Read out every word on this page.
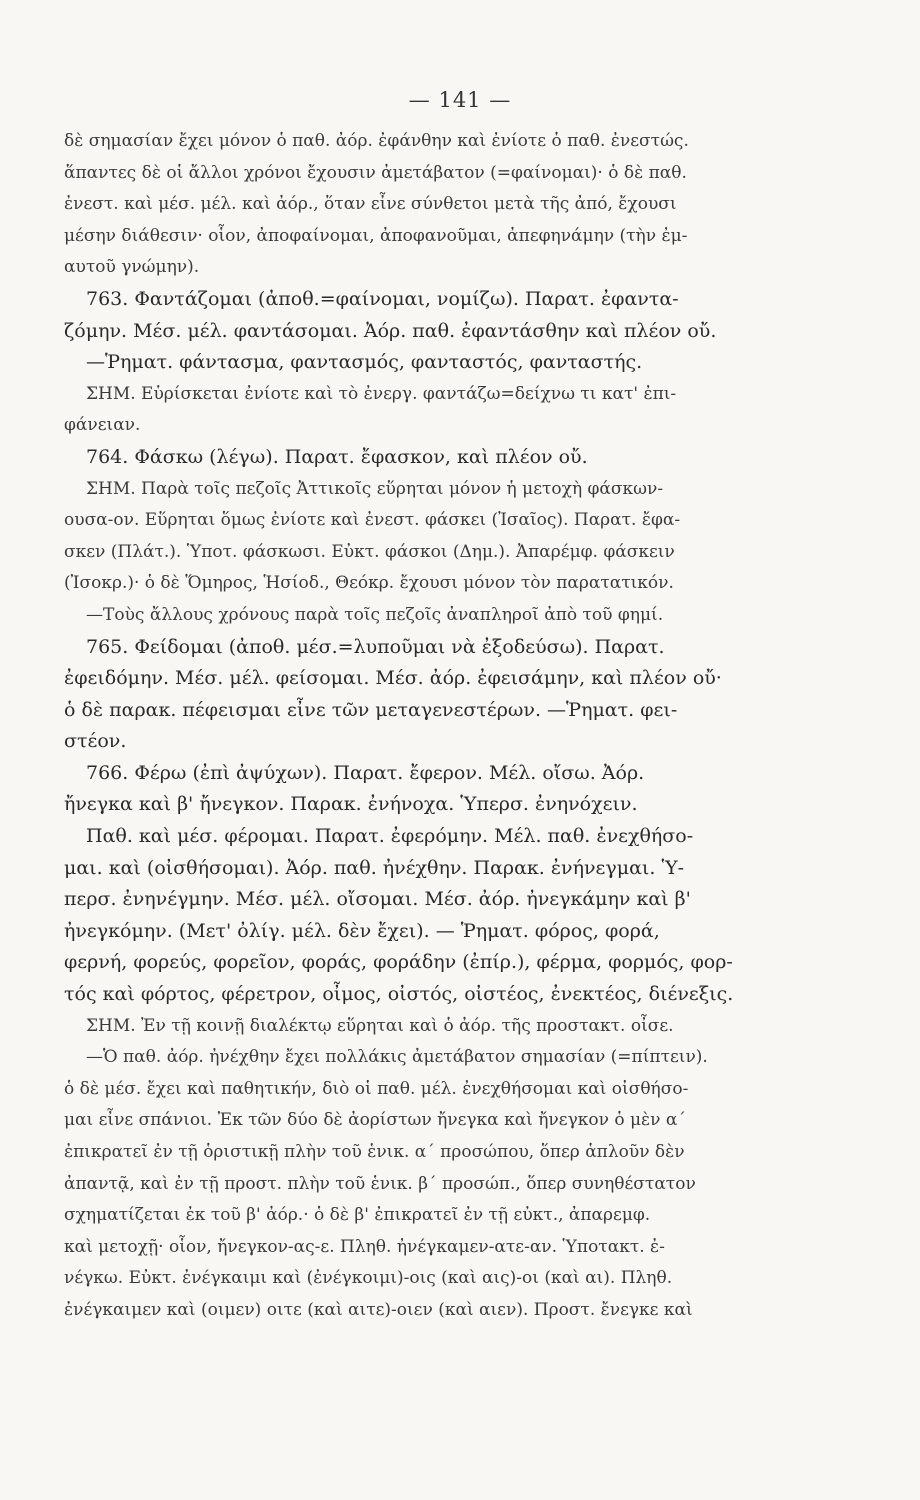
— 141 —
δὲ σημασίαν ἔχει μόνον ὁ παθ. ἀόρ. ἐφάνθην καὶ ἐνίοτε ὁ παθ. ἐνεστώς.
ἅπαντες δὲ οἱ ἄλλοι χρόνοι ἔχουσιν ἀμετάβατον (=φαίνομαι)· ὁ δὲ παθ.
ἐνεστ. καὶ μέσ. μέλ. καὶ ἀόρ., ὅταν εἶνε σύνθετοι μετὰ τῆς ἀπό, ἔχουσι
μέσην διάθεσιν· οἷον, ἀποφαίνομαι, ἀποφανοῦμαι, ἀπεφηνάμην (τὴν ἐμ-
αυτοῦ γνώμην).
763. Φαντάζομαι (ἀποθ.=φαίνομαι, νομίζω). Παρατ. ἐφαντα-
ζόμην. Μέσ. μέλ. φαντάσομαι. Ἀόρ. παθ. ἐφαντάσθην καὶ πλέον οὔ.
—Ῥηματ. φάντασμα, φαντασμός, φανταστός, φανταστής.
ΣΗΜ. Εὑρίσκεται ἐνίοτε καὶ τὸ ἐνεργ. φαντάζω=δείχνω τι κατ' ἐπι-
φάνειαν.
764. Φάσκω (λέγω). Παρατ. ἔφασκον, καὶ πλέον οὔ.
ΣΗΜ. Παρὰ τοῖς πεζοῖς Ἀττικοῖς εὕρηται μόνον ἡ μετοχὴ φάσκων-
ουσα-ον. Εὕρηται ὅμως ἐνίοτε καὶ ἐνεστ. φάσκει (Ἰσαῖος). Παρατ. ἔφα-
σκεν (Πλάτ.). Ὑποτ. φάσκωσι. Εὐκτ. φάσκοι (Δημ.). Ἀπαρέμφ. φάσκειν
(Ἰσοκρ.)· ὁ δὲ Ὅμηρος, Ἡσίοδ., Θεόκρ. ἔχουσι μόνον τὸν παρατατικόν.
—Τοὺς ἄλλους χρόνους παρὰ τοῖς πεζοῖς ἀναπληροῖ ἀπὸ τοῦ φημί.
765. Φείδομαι (ἀποθ. μέσ.=λυποῦμαι νὰ ἐξοδεύσω). Παρατ.
ἐφειδόμην. Μέσ. μέλ. φείσομαι. Μέσ. ἀόρ. ἐφεισάμην, καὶ πλέον οὔ·
ὁ δὲ παρακ. πέφεισμαι εἶνε τῶν μεταγενεστέρων. —Ῥηματ. φει-
στέον.
766. Φέρω (ἐπὶ ἀψύχων). Παρατ. ἔφερον. Μέλ. οἴσω. Ἀόρ.
ἤνεγκα καὶ β' ἤνεγκον. Παρακ. ἐνήνοχα. Ὑπερσ. ἐνηνόχειν.
Παθ. καὶ μέσ. φέρομαι. Παρατ. ἐφερόμην. Μέλ. παθ. ἐνεχθήσο-
μαι. καὶ (οἰσθήσομαι). Ἀόρ. παθ. ἠνέχθην. Παρακ. ἐνήνεγμαι. Ὑ-
περσ. ἐνηνέγμην. Μέσ. μέλ. οἴσομαι. Μέσ. ἀόρ. ἠνεγκάμην καὶ β'
ἠνεγκόμην. (Μετ' ὀλίγ. μέλ. δὲν ἔχει). — Ῥηματ. φόρος, φορά,
φερνή, φορεύς, φορεῖον, φοράς, φοράδην (ἐπίρ.), φέρμα, φορμός, φορ-
τός καὶ φόρτος, φέρετρον, οἶμος, οἰστός, οἰστέος, ἐνεκτέος, διένεξις.
ΣΗΜ. Ἐν τῇ κοινῇ διαλέκτῳ εὕρηται καὶ ὁ ἀόρ. τῆς προστακτ. οἶσε.
—Ὁ παθ. ἀόρ. ἠνέχθην ἔχει πολλάκις ἀμετάβατον σημασίαν (=πίπτειν).
ὁ δὲ μέσ. ἔχει καὶ παθητικήν, διὸ οἱ παθ. μέλ. ἐνεχθήσομαι καὶ οἰσθήσο-
μαι εἶνε σπάνιοι. Ἐκ τῶν δύο δὲ ἀορίστων ἤνεγκα καὶ ἤνεγκον ὁ μὲν α΄
ἐπικρατεῖ ἐν τῇ ὁριστικῇ πλὴν τοῦ ἑνικ. α΄ προσώπου, ὅπερ ἁπλοῦν δὲν
ἀπαντᾷ, καὶ ἐν τῇ προστ. πλὴν τοῦ ἑνικ. β΄ προσώπ., ὅπερ συνηθέστατον
σχηματίζεται ἐκ τοῦ β' ἀόρ.· ὁ δὲ β' ἐπικρατεῖ ἐν τῇ εὐκτ., ἀπαρεμφ.
καὶ μετοχῇ· οἷον, ἤνεγκον-ας-ε. Πληθ. ἠνέγκαμεν-ατε-αν. Ὑποτακτ. ἐ-
νέγκω. Εὐκτ. ἐνέγκαιμι καὶ (ἐνέγκοιμι)-οις (καὶ αις)-οι (καὶ αι). Πληθ.
ἐνέγκαιμεν καὶ (οιμεν) οιτε (καὶ αιτε)-οιεν (καὶ αιεν). Προστ. ἔνεγκε καὶ
